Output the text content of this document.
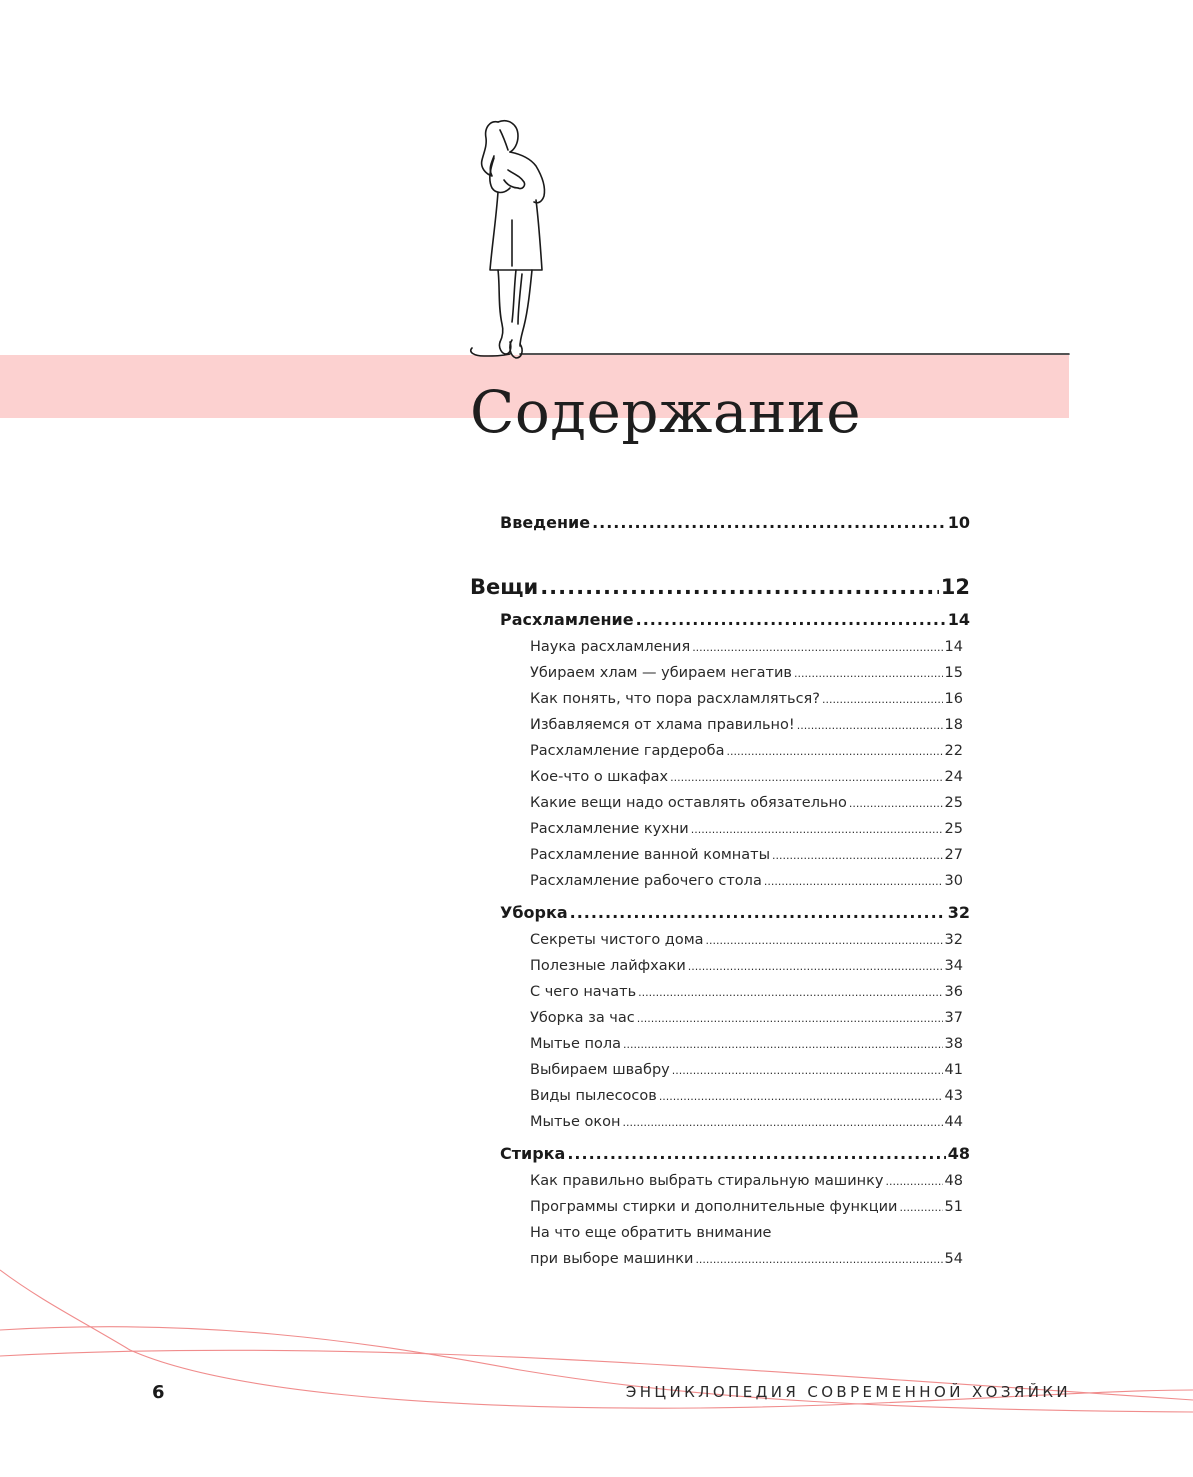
Содержание
Введение .....	10
Вещи .....	12
Расхламление .....	14
Наука расхламления .....	14
Убираем хлам — убираем негатив .....	15
Как понять, что пора расхламляться? .....	16
Избавляемся от хлама правильно! .....	18
Расхламление гардероба .....	22
Кое-что о шкафах .....	24
Какие вещи надо оставлять обязательно .....	25
Расхламление кухни .....	25
Расхламление ванной комнаты .....	27
Расхламление рабочего стола .....	30
Уборка .....	32
Секреты чистого дома .....	32
Полезные лайфхаки .....	34
С чего начать .....	36
Уборка за час .....	37
Мытье пола .....	38
Выбираем швабру .....	41
Виды пылесосов .....	43
Мытье окон .....	44
Стирка .....	48
Как правильно выбрать стиральную машинку .....	48
Программы стирки и дополнительные функции .....	51
На что еще обратить внимание
при выборе машинки .....	54

6	ЭНЦИКЛОПЕДИЯ СОВРЕМЕННОЙ ХОЗЯЙКИ
